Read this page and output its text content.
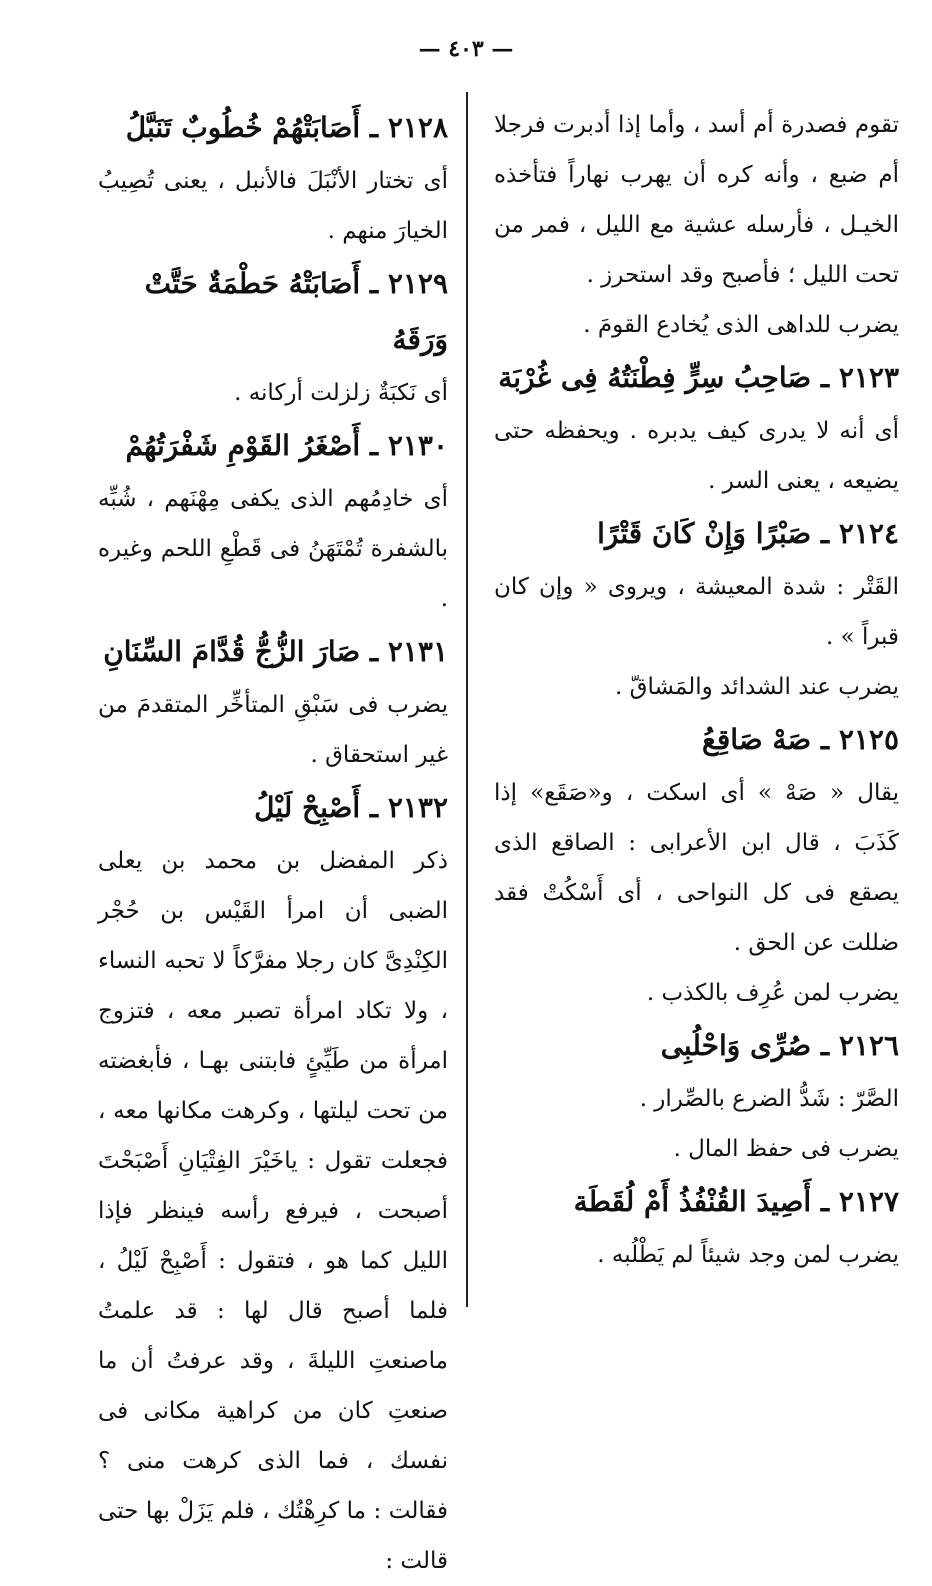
— ٤٠٣ —

تقوم فصدرة أم أسد ، وأما إذا أدبرت فرجلا أم ضبع ، وأنه كره أن يهرب نهاراً فتأخذه الخيـل ، فأرسله عشية مع الليل ، فمر من تحت الليل ؛ فأصبح وقد استحرز .

يضرب للداهى الذى يُخادع القومَ .

٢١٢٣ ـ صَاحِبُ سِرٍّ فِطْنَتُهُ فِى غُرْبَة

أى أنه لا يدرى كيف يدبره . ويحفظه حتى يضيعه ، يعنى السر .

٢١٢٤ ـ صَبْرًا وَإِنْ كَانَ قَتْرًا

القَتْر : شدة المعيشة ، ويروى « وإن كان قبراً » .

يضرب عند الشدائد والمَشاقّ .

٢١٢٥ ـ صَهْ صَاقِعُ

يقال « صَهْ » أى اسكت ، و«صَقَع» إذا كَذَبَ ، قال ابن الأعرابى : الصاقع الذى يصقع فى كل النواحى ، أى أَسْكُتْ فقد ضللت عن الحق .

يضرب لمن عُرِف بالكذب .

٢١٢٦ ـ صُرِّى وَاحْلُبِى

الصَّرّ : شَدُّ الضرع بالصِّرار .

يضرب فى حفظ المال .

٢١٢٧ ـ أَصِيدَ القُنْفُذُ أَمْ لُقَطَة

يضرب لمن وجد شيئاً لم يَطْلُبه .

٢١٢٨ ـ أَصَابَتْهُمْ خُطُوبٌ تَنَبَّلُ

أى تختار الأنْبَلَ فالأنبل ، يعنى تُصِيبُ الخيارَ منهم .

٢١٢٩ ـ أَصَابَتْهُ حَطْمَةٌ حَتَّتْ وَرَقَهُ

أى نَكبَةٌ زلزلت أركانه .

٢١٣٠ ـ أَصْغَرُ القَوْمِ شَفْرَتُهُمْ

أى خادِمُهم الذى يكفى مِهْنَهم ، شُبِّه بالشفرة تُمْتَهَنُ فى قَطْعِ اللحم وغيره .

٢١٣١ ـ صَارَ الزُّجُّ قُدَّامَ السِّنَانِ

يضرب فى سَبْقِ المتأخِّر المتقدمَ من غير استحقاق .

٢١٣٢ ـ أَصْبِحْ لَيْلُ

ذكر المفضل بن محمد بن يعلى الضبى أن امرأ القَيْس بن حُجْر الكِنْدِىَّ كان رجلا مفرَّكاً لا تحبه النساء ، ولا تكاد امرأة تصبر معه ، فتزوج امرأة من طَيِّئٍ فابتنى بهـا ، فأبغضته من تحت ليلتها ، وكرهت مكانها معه ، فجعلت تقول : ياخَيْرَ الفِتْيَانِ أَصْبَحْتَ أصبحت ، فيرفع رأسه فينظر فإذا الليل كما هو ، فتقول : أَصْبِحْ لَيْلُ ، فلما أصبح قال لها : قد علمتُ ماصنعتِ الليلةَ ، وقد عرفتُ أن ما صنعتِ كان من كراهية مكانى فى نفسك ، فما الذى كرهت منى ؟ فقالت : ما كرِهْتُك ، فلم يَزَلْ بها حتى قالت :
